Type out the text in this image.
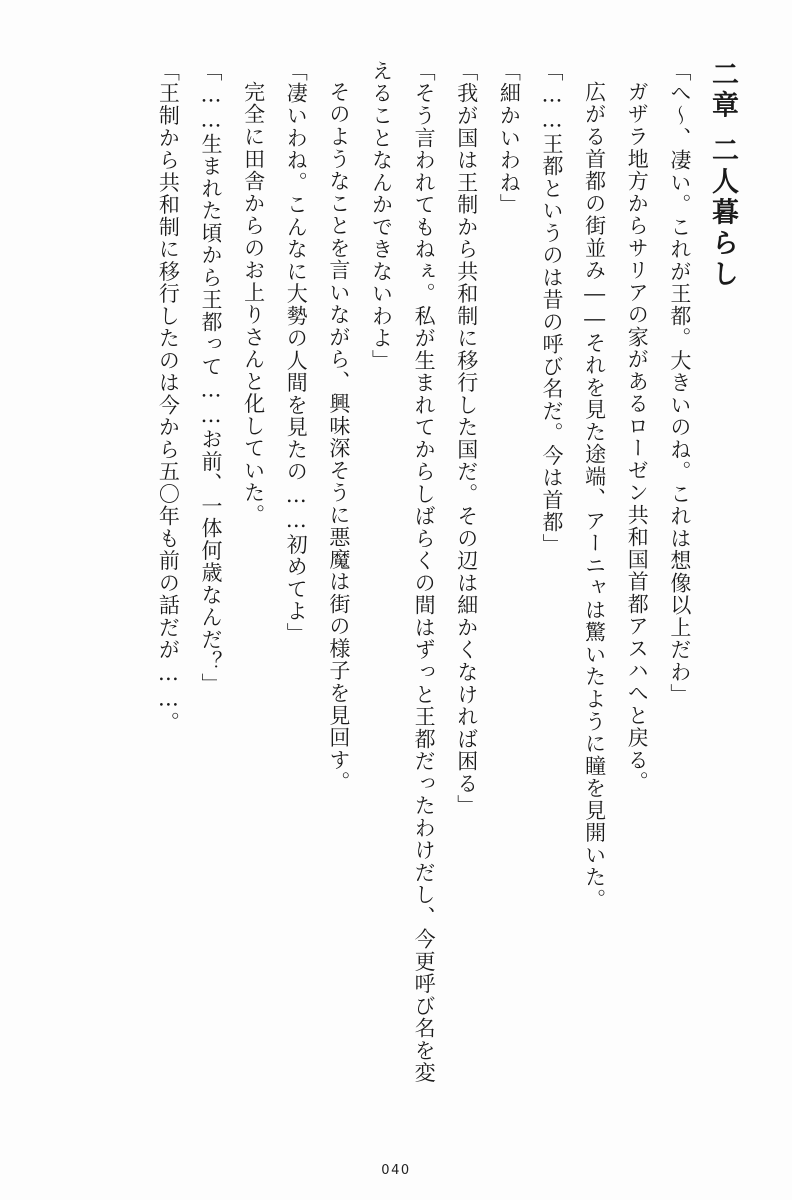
二章二人暮らし

「へ～、凄い。これが王都。大きいのね。これは想像以上だわ」

ガザラ地方からサリアの家があるローゼン共和国首都アスハへと戻る。

広がる首都の街並み――それを見た途端、アーニャは驚いたように瞳を見開いた。

「……王都というのは昔の呼び名だ。今は首都」

「細かいわね」

「我が国は王制から共和制に移行した国だ。その辺は細かくなければ困る」

「そう言われてもねぇ。私が生まれてからしばらくの間はずっと王都だったわけだし、今更呼び名を変えることなんかできないわよ」

そのようなことを言いながら、興味深そうに悪魔は街の様子を見回す。

「凄いわね。こんなに大勢の人間を見たの……初めてよ」

完全に田舎からのお上りさんと化していた。

「……生まれた頃から王都って……お前、一体何歳なんだ？」

「王制から共和制に移行したのは今から五〇年も前の話だが……。

040
